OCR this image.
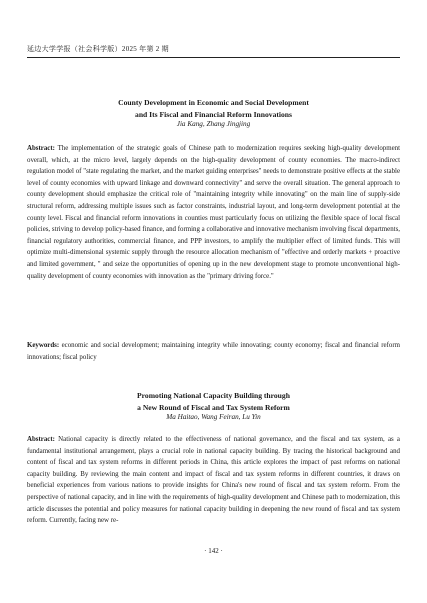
延边大学学报（社会科学版）2025 年第 2 期
County Development in Economic and Social Development
and Its Fiscal and Financial Reform Innovations
Jia Kang, Zhang Jingjing
Abstract: The implementation of the strategic goals of Chinese path to modernization requires seeking high-quality development overall, which, at the micro level, largely depends on the high-quality development of county economies. The macro-indirect regulation model of "state regulating the market, and the market guiding enterprises" needs to demonstrate positive effects at the stable level of county economies with upward linkage and downward connectivity" and serve the overall situation. The general approach to county development should emphasize the critical role of "maintaining integrity while innovating" on the main line of supply-side structural reform, addressing multiple issues such as factor constraints, industrial layout, and long-term development potential at the county level. Fiscal and financial reform innovations in counties must particularly focus on utilizing the flexible space of local fiscal policies, striving to develop policy-based finance, and forming a collaborative and innovative mechanism involving fiscal departments, financial regulatory authorities, commercial finance, and PPP investors, to amplify the multiplier effect of limited funds. This will optimize multi-dimensional systemic supply through the resource allocation mechanism of "effective and orderly markets + proactive and limited government, " and seize the opportunities of opening up in the new development stage to promote unconventional high-quality development of county economies with innovation as the "primary driving force."
Keywords: economic and social development; maintaining integrity while innovating; county economy; fiscal and financial reform innovations; fiscal policy
Promoting National Capacity Building through
a New Round of Fiscal and Tax System Reform
Ma Haitao, Wang Feiran, Lu Yin
Abstract: National capacity is directly related to the effectiveness of national governance, and the fiscal and tax system, as a fundamental institutional arrangement, plays a crucial role in national capacity building. By tracing the historical background and content of fiscal and tax system reforms in different periods in China, this article explores the impact of past reforms on national capacity building. By reviewing the main content and impact of fiscal and tax system reforms in different countries, it draws on beneficial experiences from various nations to provide insights for China's new round of fiscal and tax system reform. From the perspective of national capacity, and in line with the requirements of high-quality development and Chinese path to modernization, this article discusses the potential and policy measures for national capacity building in deepening the new round of fiscal and tax system reform. Currently, facing new re-
· 142 ·
